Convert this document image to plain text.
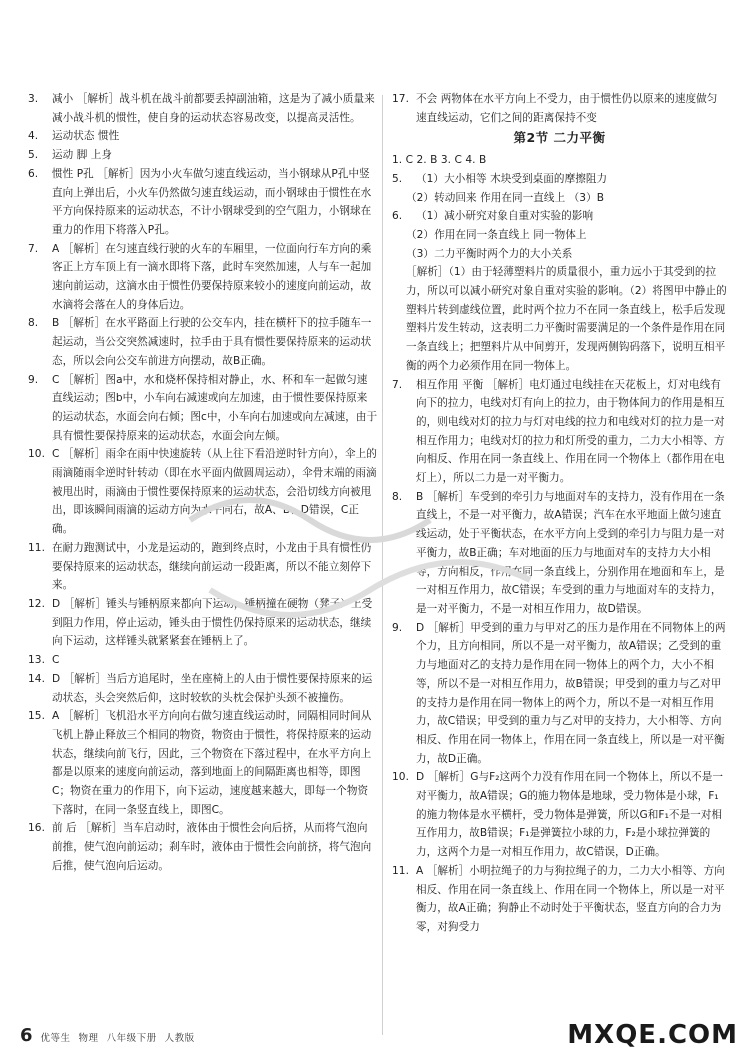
3.	减小 ［解析］战斗机在战斗前都要丢掉副油箱，这是为了减小质量来减小战斗机的惯性，使自身的运动状态容易改变，以提高灵活性。
4.	运动状态 惯性
5.	运动 脚 上身
6.	惯性 P孔 ［解析］因为小火车做匀速直线运动，当小钢球从P孔中竖直向上弹出后，小火车仍然做匀速直线运动，而小钢球由于惯性在水平方向保持原来的运动状态，不计小钢球受到的空气阻力，小钢球在重力的作用下将落入P孔。
7.	A ［解析］在匀速直线行驶的火车的车厢里，一位面向行车方向的乘客正上方车顶上有一滴水即将下落，此时车突然加速，人与车一起加速向前运动，这滴水由于惯性仍要保持原来较小的速度向前运动，故水滴将会落在人的身体后边。
8.	B ［解析］在水平路面上行驶的公交车内，挂在横杆下的拉手随车一起运动，当公交突然减速时，拉手由于具有惯性要保持原来的运动状态，所以会向公交车前进方向摆动，故B正确。
9.	C ［解析］图a中，水和烧杯保持相对静止，水、杯和车一起做匀速直线运动；图b中，小车向右减速或向左加速，由于惯性要保持原来的运动状态，水面会向右倾；图c中，小车向右加速或向左减速，由于具有惯性要保持原来的运动状态，水面会向左倾。
10. C ［解析］雨伞在雨中快速旋转（从上往下看沿逆时针方向），伞上的雨滴随雨伞逆时针转动（即在水平面内做圆周运动），伞骨末端的雨滴被甩出时，雨滴由于惯性要保持原来的运动状态，会沿切线方向被甩出，即该瞬间雨滴的运动方向为水平向右，故A、B、D错误，C正确。
11. 在耐力跑测试中，小龙是运动的，跑到终点时，小龙由于具有惯性仍要保持原来的运动状态，继续向前运动一段距离，所以不能立刻停下来。
12. D ［解析］锤头与锤柄原来都向下运动，锤柄撞在硬物（凳子）上受到阻力作用，停止运动，锤头由于惯性仍保持原来的运动状态，继续向下运动，这样锤头就紧紧套在锤柄上了。
13. C
14. D ［解析］当后方追尾时，坐在座椅上的人由于惯性要保持原来的运动状态，头会突然后仰，这时较软的头枕会保护头颈不被撞伤。
15. A ［解析］飞机沿水平方向向右做匀速直线运动时，同隔相同时间从飞机上静止释放三个相同的物资，物资由于惯性，将保持原来的运动状态，继续向前飞行，因此，三个物资在下落过程中，在水平方向上都是以原来的速度向前运动，落到地面上的间隔距离也相等，即图C；物资在重力的作用下，向下运动，速度越来越大，即每一个物资下落时，在同一条竖直线上，即图C。
16. 前 后 ［解析］当车启动时，液体由于惯性会向后挤，从而将气泡向前推，使气泡向前运动；刹车时，液体由于惯性会向前挤，将气泡向后推，使气泡向后运动。
17. 不会 两物体在水平方向上不受力，由于惯性仍以原来的速度做匀速直线运动，它们之间的距离保持不变
第2节 二力平衡
1. C 2. B 3. C 4. B
5.	（1）大小相等 木块受到桌面的摩擦阻力
（2）转动回来 作用在同一直线上 （3）B
6.	（1）减小研究对象自重对实验的影响
（2）作用在同一条直线上 同一物体上
（3）二力平衡时两个力的大小关系
［解析］（1）由于轻薄塑料片的质量很小，重力远小于其受到的拉力，所以可以减小研究对象自重对实验的影响。（2）将图甲中静止的塑料片转到虚线位置，此时两个拉力不在同一条直线上，松手后发现塑料片发生转动，这表明二力平衡时需要满足的一个条件是作用在同一条直线上；把塑料片从中间剪开，发现两侧钩码落下，说明互相平衡的两个力必须作用在同一物体上。
7.	相互作用 平衡 ［解析］电灯通过电线挂在天花板上，灯对电线有向下的拉力，电线对灯有向上的拉力，由于物体间力的作用是相互的，则电线对灯的拉力与灯对电线的拉力和电线对灯的拉力是一对相互作用力；电线对灯的拉力和灯所受的重力，二力大小相等、方向相反、作用在同一条直线上、作用在同一个物体上（都作用在电灯上），所以二力是一对平衡力。
8.	B ［解析］车受到的牵引力与地面对车的支持力，没有作用在一条直线上，不是一对平衡力，故A错误；汽车在水平地面上做匀速直线运动，处于平衡状态，在水平方向上受到的牵引力与阻力是一对平衡力，故B正确；车对地面的压力与地面对车的支持力大小相等，方向相反，作用在同一条直线上，分别作用在地面和车上，是一对相互作用力，故C错误；车受到的重力与地面对车的支持力，是一对平衡力，不是一对相互作用力，故D错误。
9.	D ［解析］甲受到的重力与甲对乙的压力是作用在不同物体上的两个力，且方向相同，所以不是一对平衡力，故A错误；乙受到的重力与地面对乙的支持力是作用在同一物体上的两个力，大小不相等，所以不是一对相互作用力，故B错误；甲受到的重力与乙对甲的支持力是作用在同一物体上的两个力，所以不是一对相互作用力，故C错误；甲受到的重力与乙对甲的支持力，大小相等、方向相反、作用在同一物体上，作用在同一条直线上，所以是一对平衡力，故D正确。
10. D ［解析］G与F₂这两个力没有作用在同一个物体上，所以不是一对平衡力，故A错误；G的施力物体是地球，受力物体是小球，F₁的施力物体是水平横杆，受力物体是弹簧，所以G和F₁不是一对相互作用力，故B错误；F₁是弹簧拉小球的力，F₂是小球拉弹簧的力，这两个力是一对相互作用力，故C错误，D正确。
11. A ［解析］小明拉绳子的力与狗拉绳子的力，二力大小相等、方向相反、作用在同一条直线上、作用在同一个物体上，所以是一对平衡力，故A正确；狗静止不动时处于平衡状态，竖直方向的合力为零，对狗受力
6 优等生 物理 八年级下册 人教版	MXQE.COM
